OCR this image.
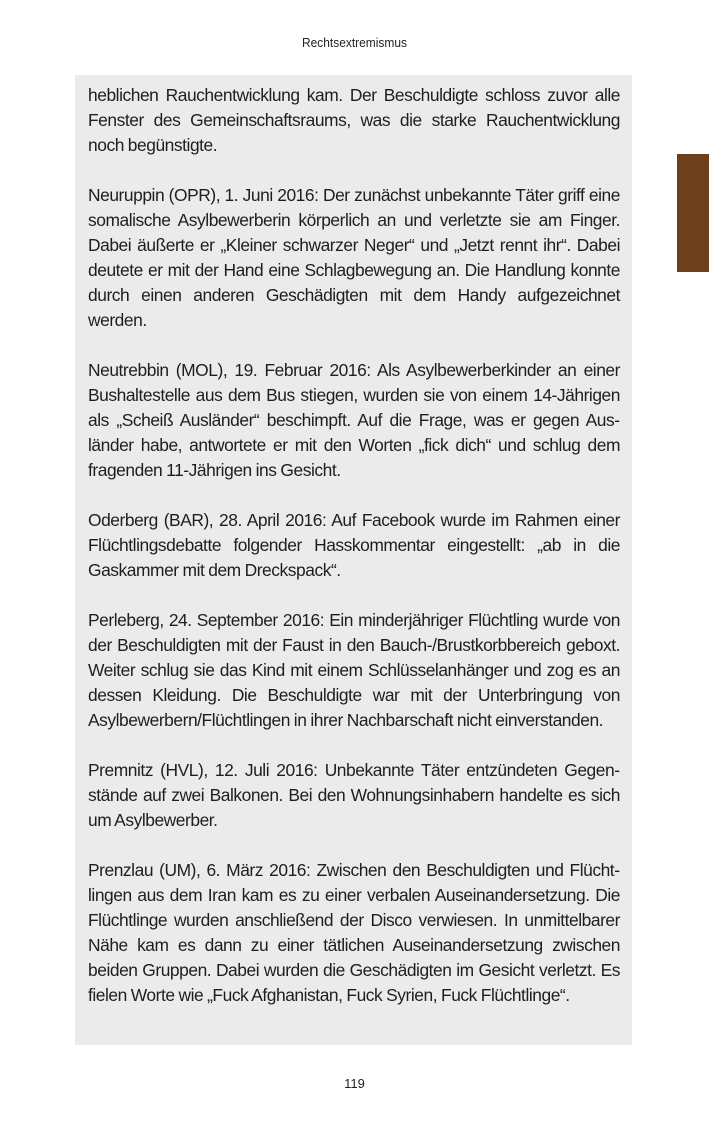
Rechtsextremismus

heblichen Rauchentwicklung kam. Der Beschuldigte schloss zuvor alle Fenster des Gemeinschaftsraums, was die starke Rauchentwicklung noch begünstigte.

Neuruppin (OPR), 1. Juni 2016: Der zunächst unbekannte Täter griff eine somalische Asylbewerberin körperlich an und verletzte sie am Finger. Dabei äußerte er „Kleiner schwarzer Neger“ und „Jetzt rennt ihr“. Dabei deutete er mit der Hand eine Schlagbewegung an. Die Handlung konnte durch einen anderen Geschädigten mit dem Handy aufgezeichnet werden.

Neutrebbin (MOL), 19. Februar 2016: Als Asylbewerberkinder an einer Bushaltestelle aus dem Bus stiegen, wurden sie von einem 14-Jährigen als „Scheiß Ausländer“ beschimpft. Auf die Frage, was er gegen Ausländer habe, antwortete er mit den Worten „fick dich“ und schlug dem fragenden 11-Jährigen ins Gesicht.

Oderberg (BAR), 28. April 2016: Auf Facebook wurde im Rahmen einer Flüchtlingsdebatte folgender Hasskommentar eingestellt: „ab in die Gaskammer mit dem Dreckspack“.

Perleberg, 24. September 2016: Ein minderjähriger Flüchtling wurde von der Beschuldigten mit der Faust in den Bauch-/Brustkorbbereich geboxt. Weiter schlug sie das Kind mit einem Schlüsselanhänger und zog es an dessen Kleidung. Die Beschuldigte war mit der Unterbringung von Asylbewerbern/Flüchtlingen in ihrer Nachbarschaft nicht einverstanden.

Premnitz (HVL), 12. Juli 2016: Unbekannte Täter entzündeten Gegenstände auf zwei Balkonen. Bei den Wohnungsinhabern handelte es sich um Asylbewerber.

Prenzlau (UM), 6. März 2016: Zwischen den Beschuldigten und Flüchtlingen aus dem Iran kam es zu einer verbalen Auseinandersetzung. Die Flüchtlinge wurden anschließend der Disco verwiesen. In unmittelbarer Nähe kam es dann zu einer tätlichen Auseinandersetzung zwischen beiden Gruppen. Dabei wurden die Geschädigten im Gesicht verletzt. Es fielen Worte wie „Fuck Afghanistan, Fuck Syrien, Fuck Flüchtlinge“.

119
